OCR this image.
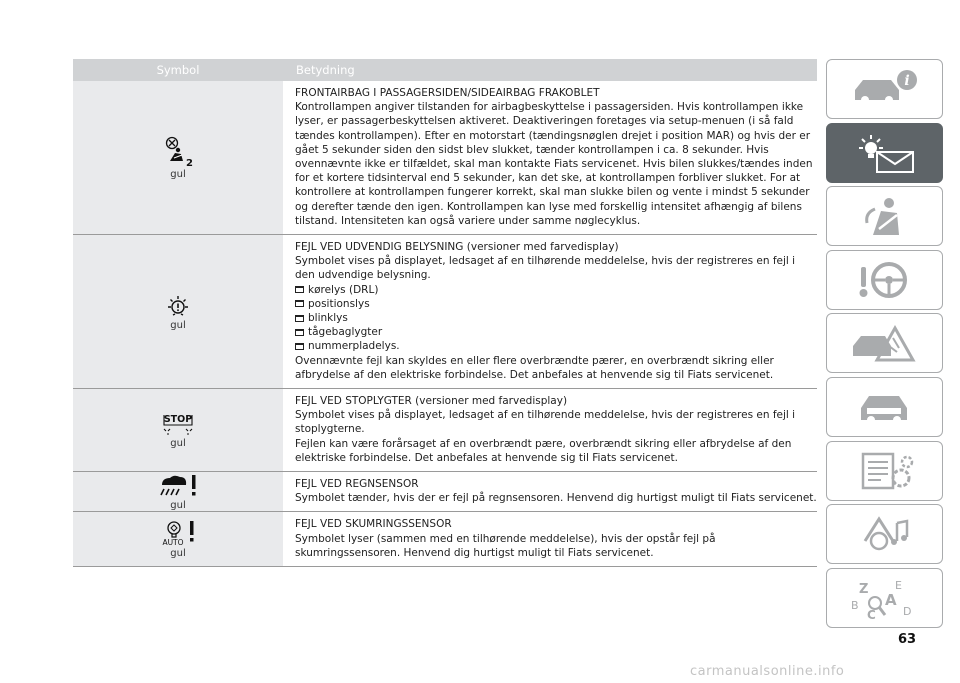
Symbol	Betydning
2
gul

FRONTAIRBAG I PASSAGERSIDEN/SIDEAIRBAG FRAKOBLET

Kontrollampen angiver tilstanden for airbagbeskyttelse i passagersiden. Hvis kontrollampen ikke lyser, er passagerbeskyttelsen aktiveret. Deaktiveringen foretages via setup-menuen (i så fald tændes kontrollampen). Efter en motorstart (tændingsnøglen drejet i position MAR) og hvis der er gået 5 sekunder siden den sidst blev slukket, tænder kontrollampen i ca. 8 sekunder. Hvis ovennævnte ikke er tilfældet, skal man kontakte Fiats servicenet. Hvis bilen slukkes/tændes inden for et kortere tidsinterval end 5 sekunder, kan det ske, at kontrollampen forbliver slukket. For at kontrollere at kontrollampen fungerer korrekt, skal man slukke bilen og vente i mindst 5 sekunder og derefter tænde den igen. Kontrollampen kan lyse med forskellig intensitet afhængig af bilens tilstand. Intensiteten kan også variere under samme nøglecyklus.

gul

FEJL VED UDVENDIG BELYSNING (versioner med farvedisplay)

Symbolet vises på displayet, ledsaget af en tilhørende meddelelse, hvis der registreres en fejl i den udvendige belysning.

kørelys (DRL)
positionslys
blinklys
tågebaglygter
nummerpladelys.

Ovennævnte fejl kan skyldes en eller flere overbrændte pærer, en overbrændt sikring eller afbrydelse af den elektriske forbindelse. Det anbefales at henvende sig til Fiats servicenet.

STOP
gul

FEJL VED STOPLYGTER (versioner med farvedisplay)

Symbolet vises på displayet, ledsaget af en tilhørende meddelelse, hvis der registreres en fejl i stoplygterne.

Fejlen kan være forårsaget af en overbrændt pære, overbrændt sikring eller afbrydelse af den elektriske forbindelse. Det anbefales at henvende sig til Fiats servicenet.

gul

FEJL VED REGNSENSOR

Symbolet tænder, hvis der er fejl på regnsensoren. Henvend dig hurtigst muligt til Fiats servicenet.

AUTO
gul

FEJL VED SKUMRINGSSENSOR

Symbolet lyser (sammen med en tilhørende meddelelse), hvis der opstår fejl på skumringssensoren. Henvend dig hurtigst muligt til Fiats servicenet.

i
Z E
A
B
C D
63
carmanualsonline.info
